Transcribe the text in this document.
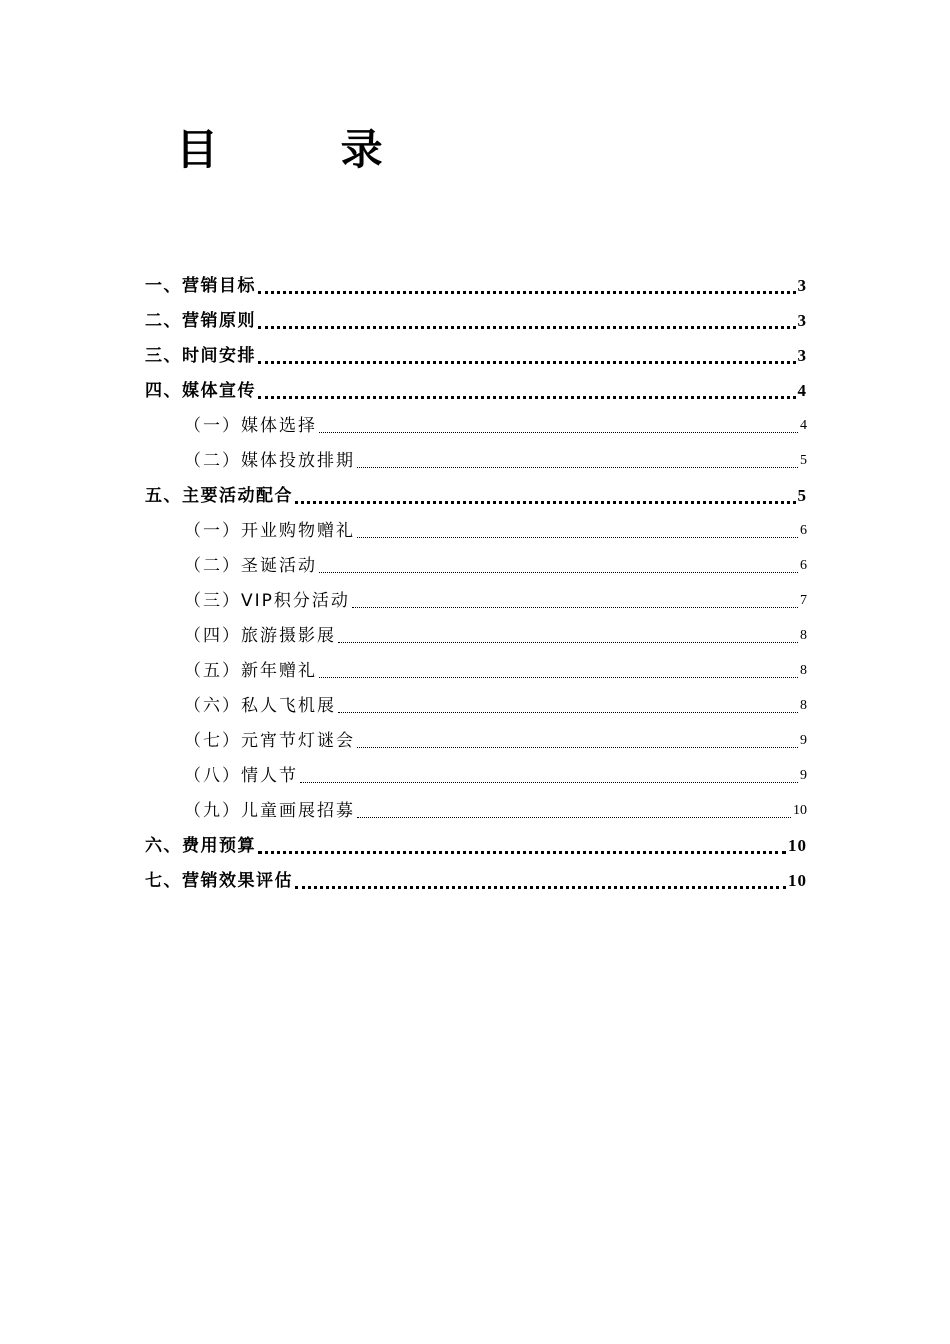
目 录
一、营销目标	3
二、营销原则	3
三、时间安排	3
四、媒体宣传	4
（一）媒体选择	4
（二）媒体投放排期	5
五、主要活动配合	5
（一）开业购物赠礼	6
（二）圣诞活动	6
（三）VIP积分活动	7
（四）旅游摄影展	8
（五）新年赠礼	8
（六）私人飞机展	8
（七）元宵节灯谜会	9
（八）情人节	9
（九）儿童画展招募	10
六、费用预算	10
七、营销效果评估	10
